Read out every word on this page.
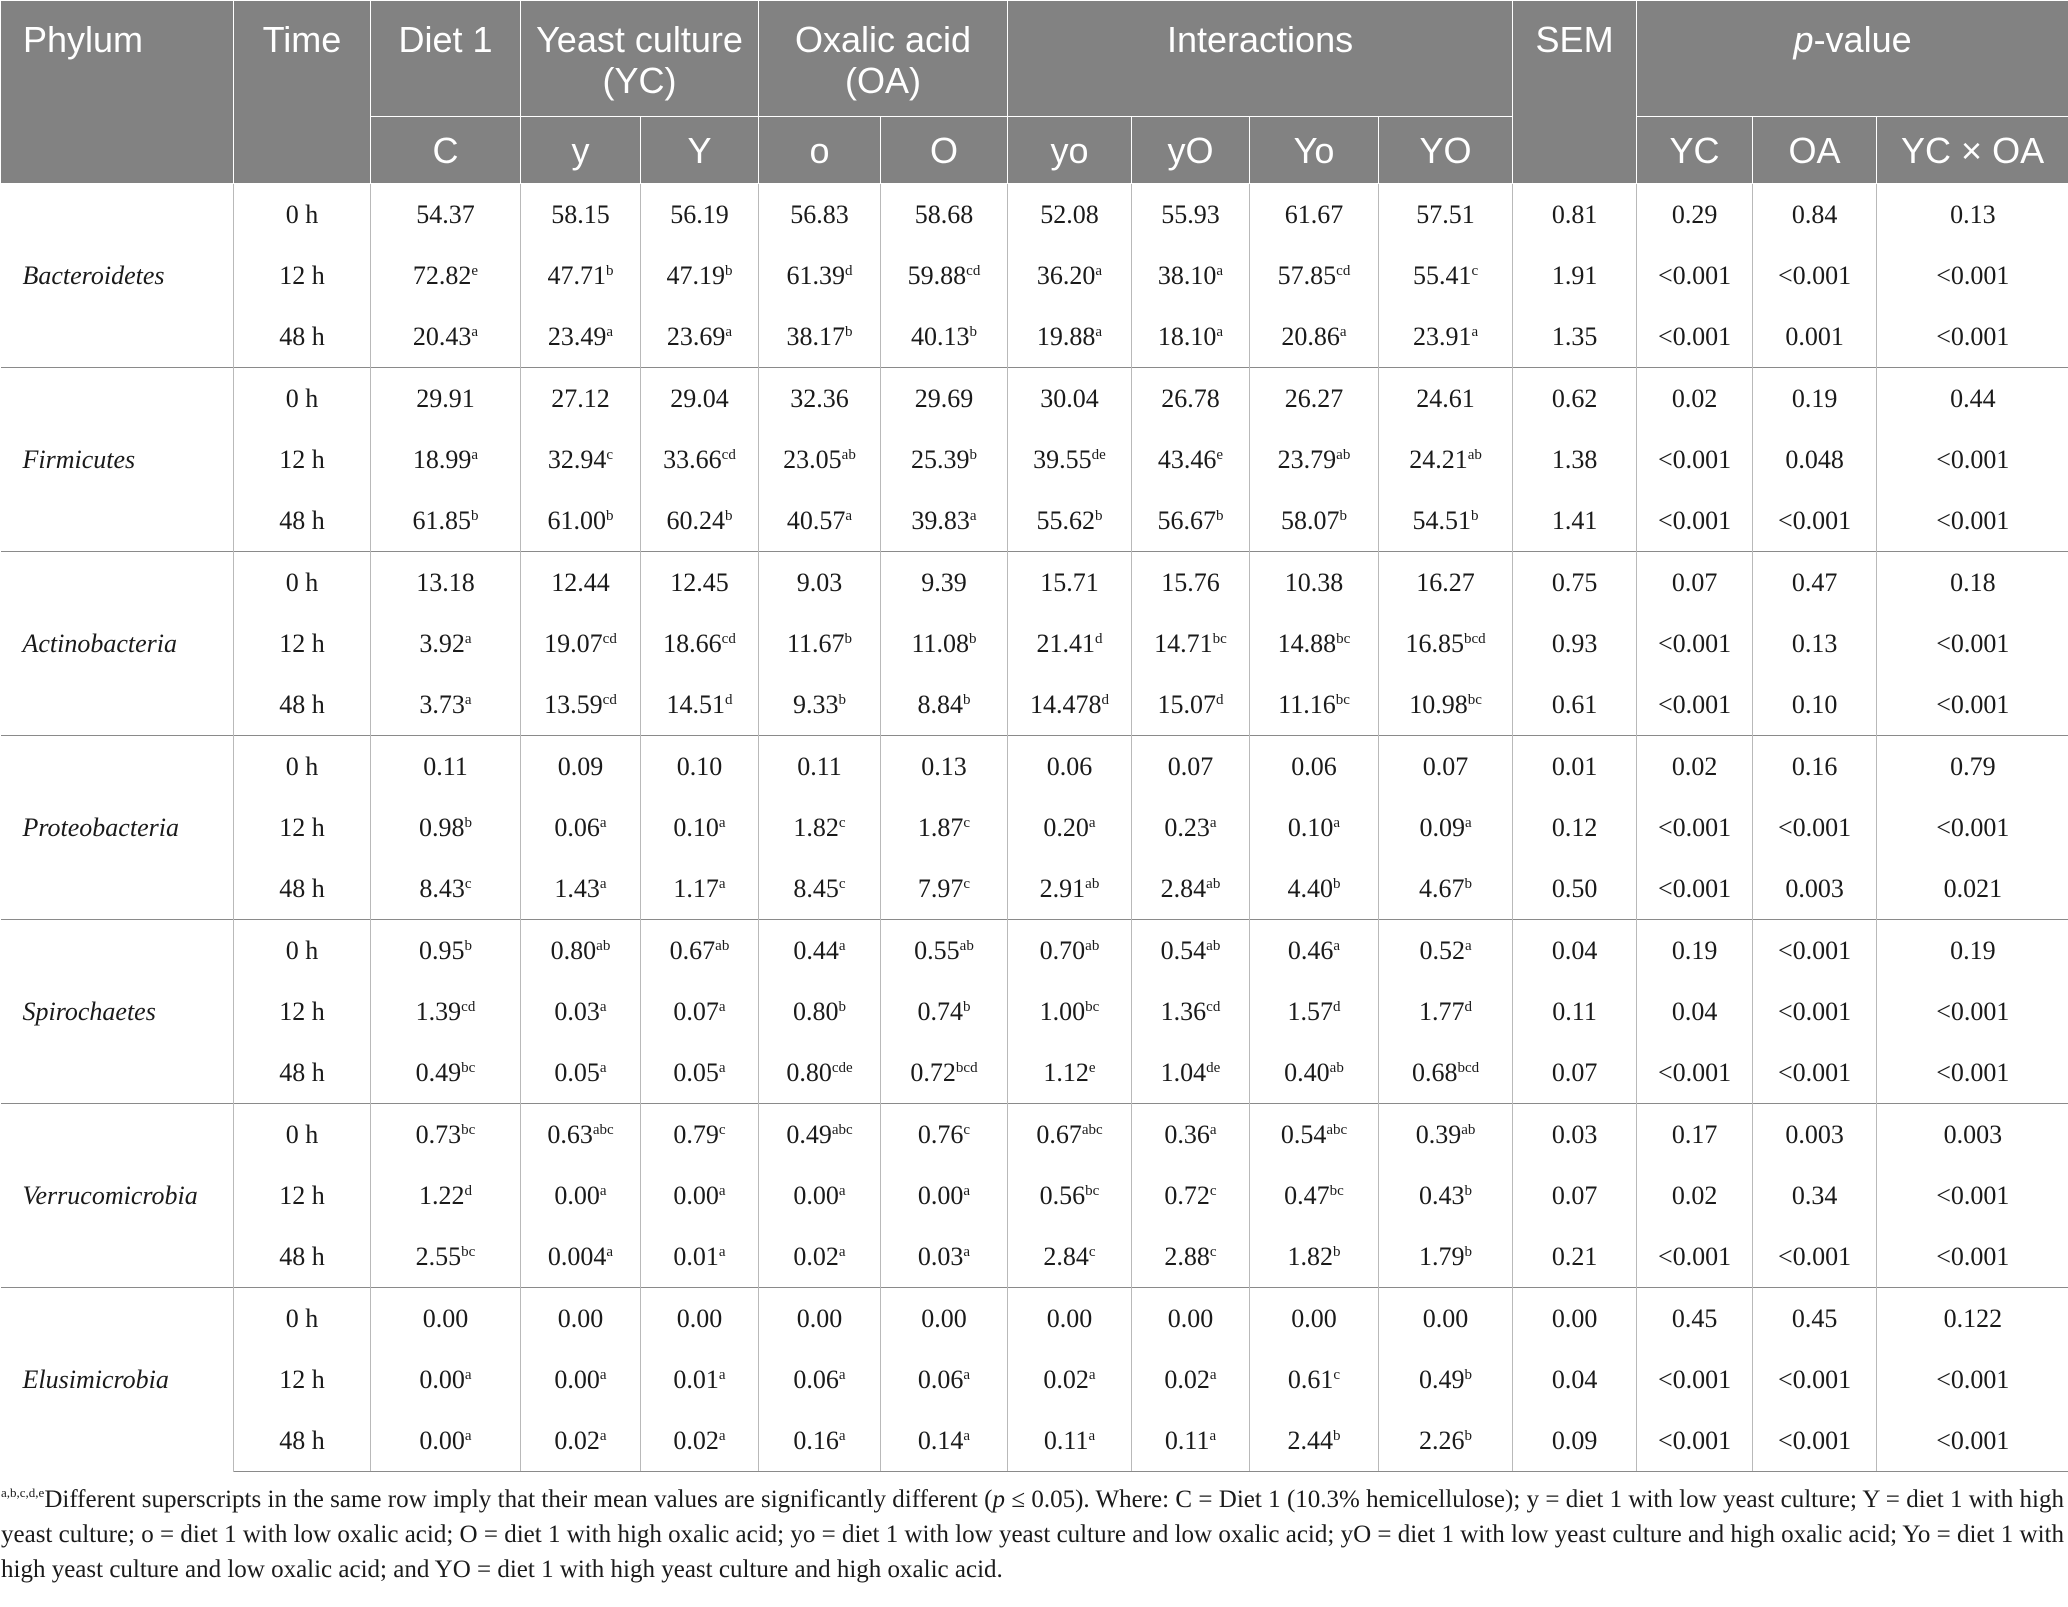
Phylum	Time	Diet 1	Yeast culture (YC)		Oxalic acid (OA)		Interactions				SEM	p-value		
		C	y	Y	o	O	yo	yO	Yo	YO		YC	OA	YC × OA
Bacteroidetes	0 h	54.37	58.15	56.19	56.83	58.68	52.08	55.93	61.67	57.51	0.81	0.29	0.84	0.13
	12 h	72.82e	47.71$^b$	47.19$^b$	61.39$^d$	59.88$^{cd}$	36.20$^a$	38.10$^a$	57.85$^{cd}$	55.41$^c$	1.91	<0.001	<0.001	<0.001
	48 h	20.43$^a$	23.49$^a$	23.69$^a$	38.17$^b$	40.13$^b$	19.88$^a$	18.10$^a$	20.86$^a$	23.91$^a$	1.35	<0.001	0.001	<0.001
Firmicutes	0 h	29.91	27.12	29.04	32.36	29.69	30.04	26.78	26.27	24.61	0.62	0.02	0.19	0.44
	12 h	18.99$^a$	32.94$^c$	33.66$^{cd}$	23.05$^{ab}$	25.39$^b$	39.55de	43.46e	23.79$^{ab}$	24.21$^{ab}$	1.38	<0.001	0.048	<0.001
	48 h	61.85$^b$	61.00$^b$	60.24$^b$	40.57$^a$	39.83$^a$	55.62$^b$	56.67$^b$	58.07$^b$	54.51$^b$	1.41	<0.001	<0.001	<0.001
Actinobacteria	0 h	13.18	12.44	12.45	9.03	9.39	15.71	15.76	10.38	16.27	0.75	0.07	0.47	0.18
	12 h	3.92$^a$	19.07$^{cd}$	18.66$^{cd}$	11.67$^b$	11.08$^b$	21.41$^d$	14.71$^{bc}$	14.88$^{bc}$	16.85$^{bcd}$	0.93	<0.001	0.13	<0.001
	48 h	3.73$^a$	13.59$^{cd}$	14.51$^d$	9.33$^b$	8.84$^b$	14.478$^d$	15.07$^d$	11.16$^{bc}$	10.98$^{bc}$	0.61	<0.001	0.10	<0.001
Proteobacteria	0 h	0.11	0.09	0.10	0.11	0.13	0.06	0.07	0.06	0.07	0.01	0.02	0.16	0.79
	12 h	0.98$^b$	0.06$^a$	0.10$^a$	1.82$^c$	1.87$^c$	0.20$^a$	0.23$^a$	0.10$^a$	0.09$^a$	0.12	<0.001	<0.001	<0.001
	48 h	8.43$^c$	1.43$^a$	1.17$^a$	8.45$^c$	7.97$^c$	2.91$^{ab}$	2.84$^{ab}$	4.40$^b$	4.67$^b$	0.50	<0.001	0.003	0.021
Spirochaetes	0 h	0.95$^b$	0.80$^{ab}$	0.67$^{ab}$	0.44$^a$	0.55$^{ab}$	0.70$^{ab}$	0.54$^{ab}$	0.46$^a$	0.52$^a$	0.04	0.19	<0.001	0.19
	12 h	1.39$^{cd}$	0.03$^a$	0.07$^a$	0.80$^b$	0.74$^b$	1.00$^{bc}$	1.36$^{cd}$	1.57$^d$	1.77$^d$	0.11	0.04	<0.001	<0.001
	48 h	0.49$^{bc}$	0.05$^a$	0.05$^a$	0.80$^{cde}$	0.72$^{bcd}$	1.12e	1.04de	0.40$^{ab}$	0.68$^{bcd}$	0.07	<0.001	<0.001	<0.001
Verrucomicrobia	0 h	0.73$^{bc}$	0.63$^{abc}$	0.79$^c$	0.49$^{abc}$	0.76$^c$	0.67$^{abc}$	0.36$^a$	0.54$^{abc}$	0.39$^{ab}$	0.03	0.17	0.003	0.003
	12 h	1.22$^d$	0.00$^a$	0.00$^a$	0.00$^a$	0.00$^a$	0.56$^{bc}$	0.72$^c$	0.47$^{bc}$	0.43$^b$	0.07	0.02	0.34	<0.001
	48 h	2.55$^{bc}$	0.004$^a$	0.01$^a$	0.02$^a$	0.03$^a$	2.84$^c$	2.88$^c$	1.82$^b$	1.79$^b$	0.21	<0.001	<0.001	<0.001
Elusimicrobia	0 h	0.00	0.00	0.00	0.00	0.00	0.00	0.00	0.00	0.00	0.00	0.45	0.45	0.122
	12 h	0.00$^a$	0.00$^a$	0.01$^a$	0.06$^a$	0.06$^a$	0.02$^a$	0.02$^a$	0.61$^c$	0.49$^b$	0.04	<0.001	<0.001	<0.001
	48 h	0.00$^a$	0.02$^a$	0.02$^a$	0.16$^a$	0.14$^a$	0.11$^a$	0.11$^a$	2.44$^b$	2.26$^b$	0.09	<0.001	<0.001	<0.001
$^{a,b,c,d,e}$Different superscripts in the same row imply that their mean values are significantly different (p ≤ 0.05). Where: C = Diet 1 (10.3% hemicellulose); y = diet 1 with low yeast culture; Y = diet 1 with high yeast culture; o = diet 1 with low oxalic acid; O = diet 1 with high oxalic acid; yo = diet 1 with low yeast culture and low oxalic acid; yO = diet 1 with low yeast culture and high oxalic acid; Yo = diet 1 with high yeast culture and low oxalic acid; and YO = diet 1 with high yeast culture and high oxalic acid.
